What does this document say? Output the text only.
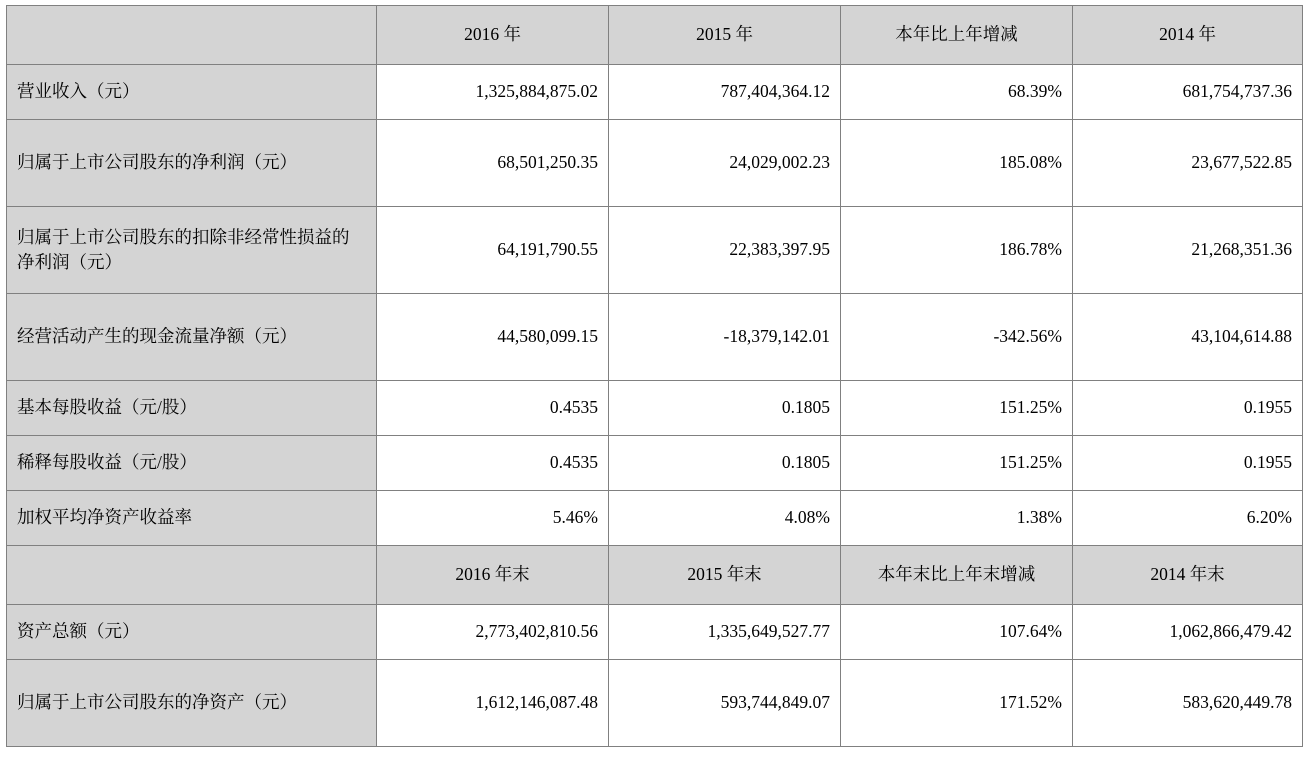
	2016 年	2015 年	本年比上年增减	2014 年
营业收入（元）	1,325,884,875.02	787,404,364.12	68.39%	681,754,737.36
归属于上市公司股东的净利润（元）	68,501,250.35	24,029,002.23	185.08%	23,677,522.85
归属于上市公司股东的扣除非经常性损益的净利润（元）	64,191,790.55	22,383,397.95	186.78%	21,268,351.36
经营活动产生的现金流量净额（元）	44,580,099.15	-18,379,142.01	-342.56%	43,104,614.88
基本每股收益（元/股）	0.4535	0.1805	151.25%	0.1955
稀释每股收益（元/股）	0.4535	0.1805	151.25%	0.1955
加权平均净资产收益率	5.46%	4.08%	1.38%	6.20%
	2016 年末	2015 年末	本年末比上年末增减	2014 年末
资产总额（元）	2,773,402,810.56	1,335,649,527.77	107.64%	1,062,866,479.42
归属于上市公司股东的净资产（元）	1,612,146,087.48	593,744,849.07	171.52%	583,620,449.78
